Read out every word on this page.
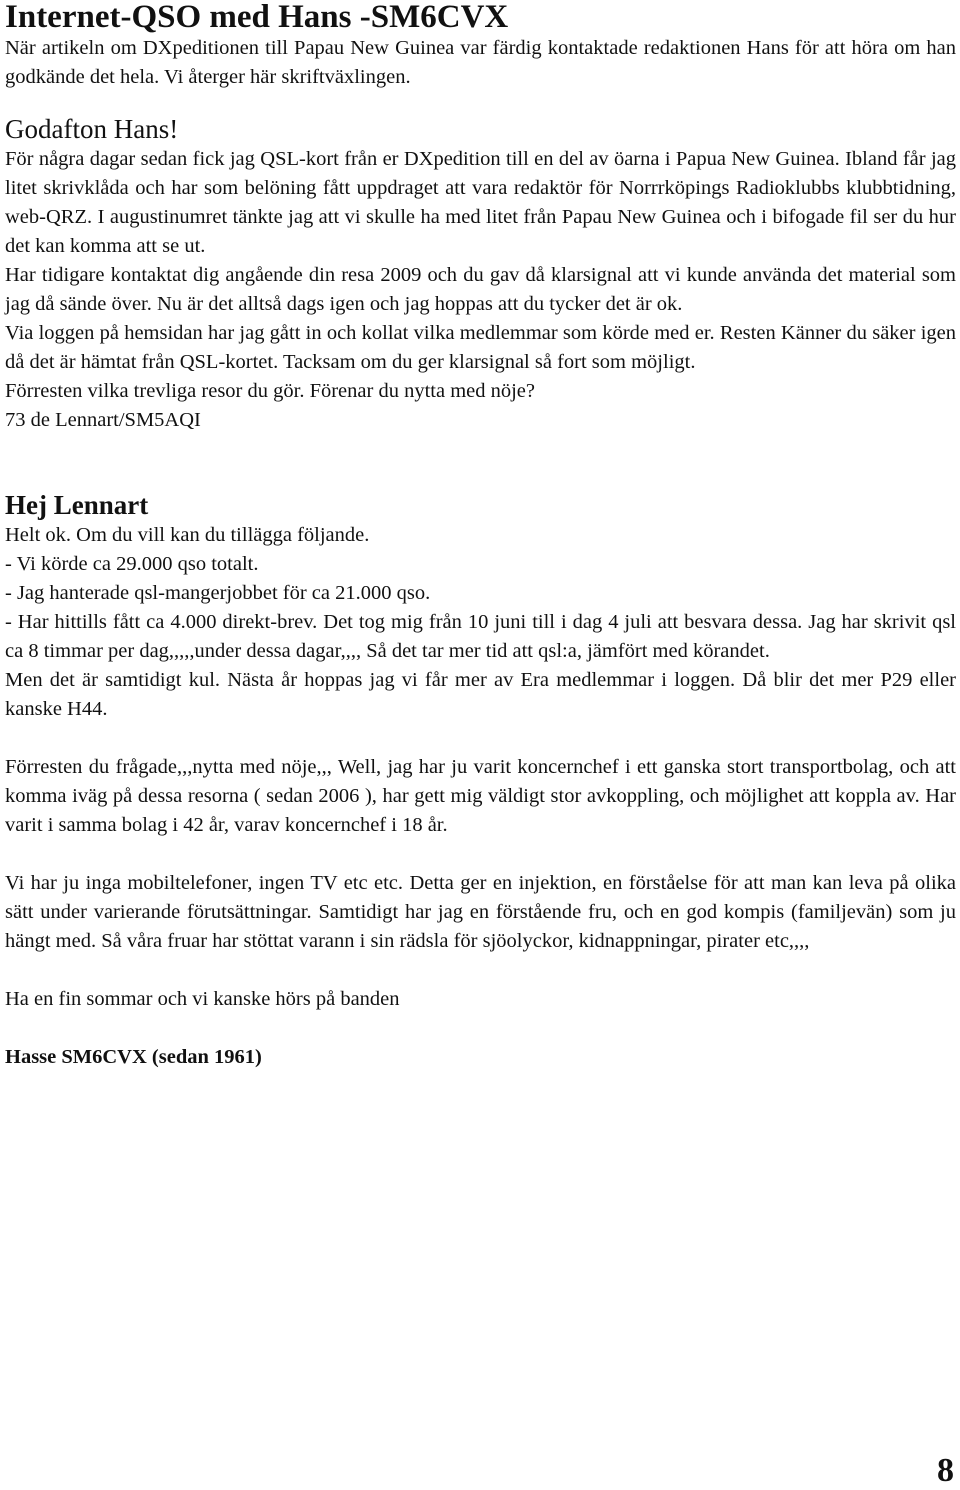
Internet-QSO med Hans -SM6CVX

När artikeln om DXpeditionen till Papau New Guinea var färdig kontaktade redaktionen Hans för att höra om han godkände det hela. Vi återger här skriftväxlingen.

Godafton Hans!

För några dagar sedan fick jag QSL-kort från er DXpedition till en del av öarna i Papua New Guinea. Ibland får jag litet skrivklåda och har som belöning fått uppdraget att vara redaktör för Norrrköpings Radioklubbs klubbtidning, web-QRZ. I augustinumret tänkte jag att vi skulle ha med litet från Papau New Guinea och i bifogade fil ser du hur det kan komma att se ut.

Har tidigare kontaktat dig angående din resa 2009 och du gav då klarsignal att vi kunde använda det material som jag då sände över. Nu är det alltså dags igen och jag hoppas att du tycker det är ok.

Via loggen på hemsidan har jag gått in och kollat vilka medlemmar som körde med er. Resten Känner du säker igen då det är hämtat från QSL-kortet. Tacksam om du ger klarsignal så fort som möjligt.

Förresten vilka trevliga resor du gör. Förenar du nytta med nöje?

73 de Lennart/SM5AQI

Hej Lennart

Helt ok. Om du vill kan du tillägga följande.

- Vi körde ca 29.000 qso totalt.

- Jag hanterade qsl-mangerjobbet för ca 21.000 qso.

- Har hittills fått ca 4.000 direkt-brev. Det tog mig från 10 juni till i dag 4 juli att besvara dessa. Jag har skrivit qsl ca 8 timmar per dag,,,,,under dessa dagar,,,, Så det tar mer tid att qsl:a, jämfört med körandet.

Men det är samtidigt kul. Nästa år hoppas jag vi får mer av Era medlemmar i loggen. Då blir det mer P29 eller kanske H44.

Förresten du frågade,,,nytta med nöje,,, Well, jag har ju varit koncernchef i ett ganska stort transportbolag, och att komma iväg på dessa resorna ( sedan 2006 ), har gett mig väldigt stor avkoppling, och möjlighet att koppla av. Har varit i samma bolag i 42 år, varav koncernchef i 18 år.

Vi har ju inga mobiltelefoner, ingen TV etc etc. Detta ger en injektion, en förståelse för att man kan leva på olika sätt under varierande förutsättningar. Samtidigt har jag en förstående fru, och en god kompis (familjevän) som ju hängt med. Så våra fruar har stöttat varann i sin rädsla för sjöolyckor, kidnappningar, pirater etc,,,,

Ha en fin sommar och vi kanske hörs på banden

Hasse SM6CVX (sedan 1961)

8
